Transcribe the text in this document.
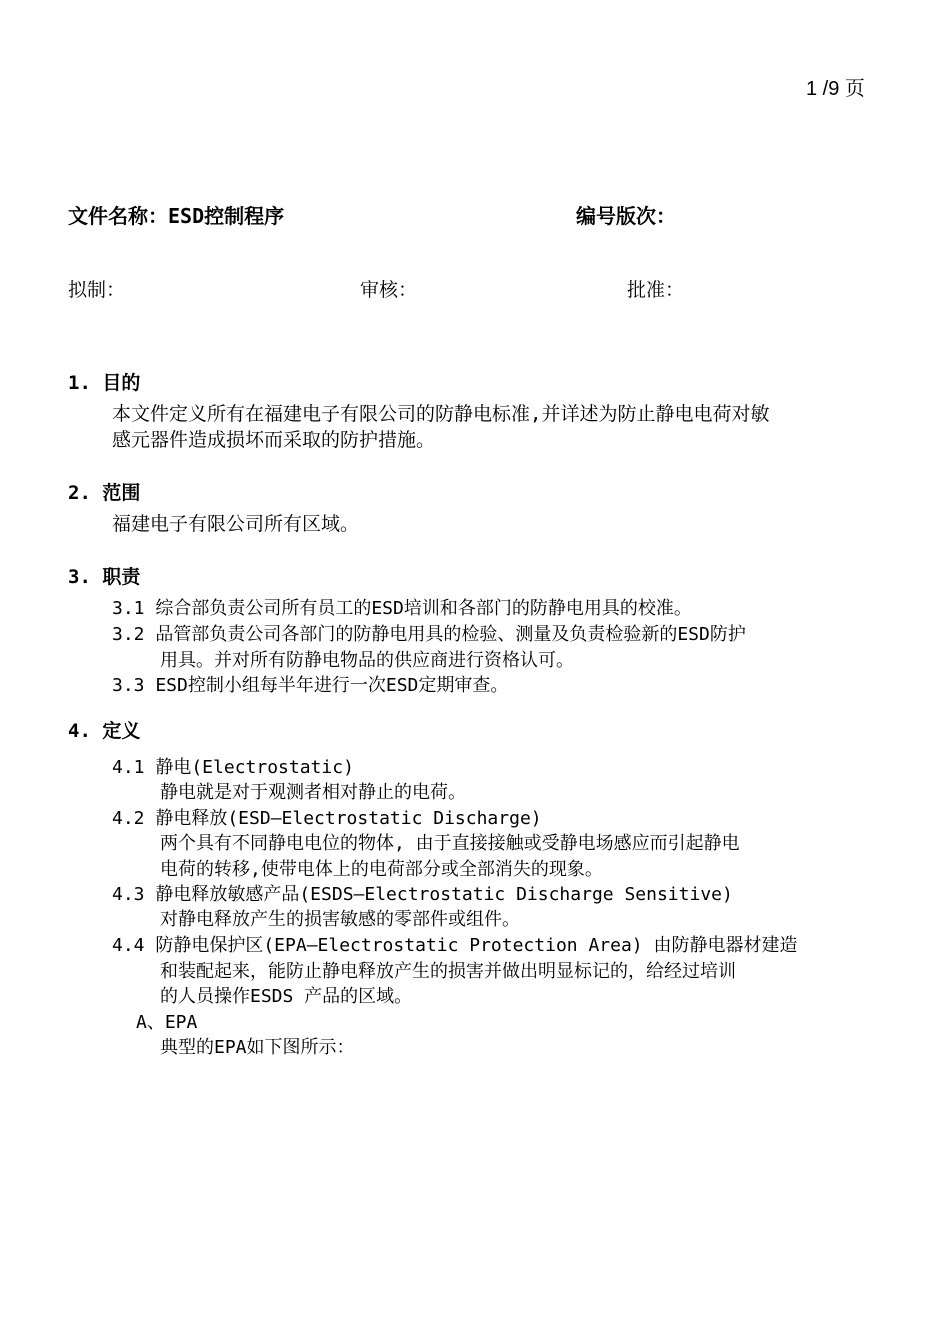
1 /9 页
文件名称：ESD控制程序	编号版次：
拟制：	审核：	批准：
1. 目的
本文件定义所有在福建电子有限公司的防静电标准,并详述为防止静电电荷对敏
感元器件造成损坏而采取的防护措施。
2. 范围
福建电子有限公司所有区域。
3. 职责
3.1 综合部负责公司所有员工的ESD培训和各部门的防静电用具的校准。
3.2 品管部负责公司各部门的防静电用具的检验、测量及负责检验新的ESD防护
用具。并对所有防静电物品的供应商进行资格认可。
3.3 ESD控制小组每半年进行一次ESD定期审查。
4. 定义
4.1 静电(Electrostatic)
静电就是对于观测者相对静止的电荷。
4.2 静电释放(ESD–Electrostatic Discharge)
两个具有不同静电电位的物体, 由于直接接触或受静电场感应而引起静电
电荷的转移,使带电体上的电荷部分或全部消失的现象。
4.3 静电释放敏感产品(ESDS–Electrostatic Discharge Sensitive)
对静电释放产生的损害敏感的零部件或组件。
4.4 防静电保护区(EPA–Electrostatic Protection Area) 由防静电器材建造
和装配起来，能防止静电释放产生的损害并做出明显标记的，给经过培训
的人员操作ESDS 产品的区域。
A、EPA
典型的EPA如下图所示：
